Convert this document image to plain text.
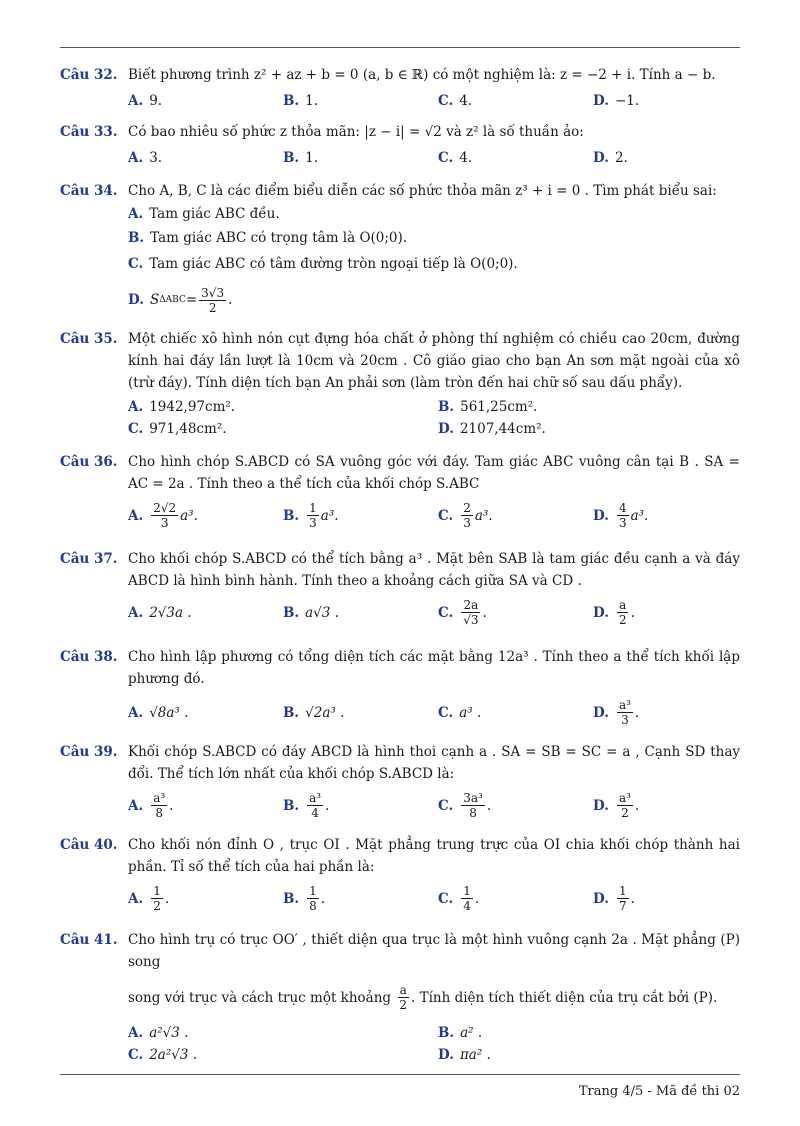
Câu 32. Biết phương trình z² + az + b = 0 (a, b ∈ ℝ) có một nghiệm là: z = −2 + i. Tính a − b.
A. 9.	B. 1.	C. 4.	D. −1.
Câu 33. Có bao nhiêu số phức z thỏa mãn: |z − i| = √2 và z² là số thuần ảo:
A. 3.	B. 1.	C. 4.	D. 2.
Câu 34. Cho A, B, C là các điểm biểu diễn các số phức thỏa mãn z³ + i = 0 . Tìm phát biểu sai:
A. Tam giác ABC đều.
B. Tam giác ABC có trọng tâm là O(0;0).
C. Tam giác ABC có tâm đường tròn ngoại tiếp là O(0;0).
D. S $\Delta ABC = \frac{3√3}{2}$ .
Câu 35. Một chiếc xô hình nón cụt đựng hóa chất ở phòng thí nghiệm có chiều cao 20cm, đường kính hai đáy lần lượt là 10cm và 20cm . Cô giáo giao cho bạn An sơn mặt ngoài của xô (trừ đáy). Tính diện tích bạn An phải sơn (làm tròn đến hai chữ số sau dấu phẩy).
A. 1942,97cm².	B. 561,25cm².
C. 971,48cm².	D. 2107,44cm².
Câu 36. Cho hình chóp S.ABCD có SA vuông góc với đáy. Tam giác ABC vuông cân tại B . SA = AC = 2a . Tính theo a thể tích của khối chóp S.ABC
A. $\frac{2√2}{3} a^3$.	B. $\frac{1}{3} a^3$.	C. $\frac{2}{3} a^3$.	D. $\frac{4}{3} a^3$.
Câu 37. Cho khối chóp S.ABCD có thể tích bằng a³ . Mặt bên SAB là tam giác đều cạnh a và đáy ABCD là hình bình hành. Tính theo a khoảng cách giữa SA và CD .
A. 2√3a .	B. a√3 .	C. $\frac{2a}{√3}$ .	D. $\frac{a}{2}$ .
Câu 38. Cho hình lập phương có tổng diện tích các mặt bằng 12a³ . Tính theo a thể tích khối lập phương đó.
A. √8a³ .	B. √2a³ .	C. a³ .	D. $\frac{\text{a³}}{3}$ .
Câu 39. Khối chóp S.ABCD có đáy ABCD là hình thoi cạnh a . SA = SB = SC = a , Cạnh SD thay đổi. Thể tích lớn nhất của khối chóp S.ABCD là:
A. $\frac{\text{a³}}{8}$ .	B. $\frac{\text{a³}}{4}$ .	C. $\frac{\text{3a³}}{8}$ .	D. $\frac{\text{a³}}{2}$ .
Câu 40. Cho khối nón đỉnh O , trục OI . Mặt phẳng trung trực của OI chia khối chóp thành hai phần. Tỉ số thể tích của hai phần là:
A. $\frac{1}{2}$ .	B. $\frac{1}{8}$ .	C. $\frac{1}{4}$ .	D. $\frac{1}{7}$ .
Câu 41. Cho hình trụ có trục OO′ , thiết diện qua trục là một hình vuông cạnh 2a . Mặt phẳng (P) song
song với trục và cách trục một khoảng
$\frac{a}{2}$ . Tính diện tích thiết diện của trụ cắt bởi (P).
A. a²√3 .	B. a² .
C. 2a²√3 .	D. πa² .
Trang 4/5 - Mã đề thi 02
